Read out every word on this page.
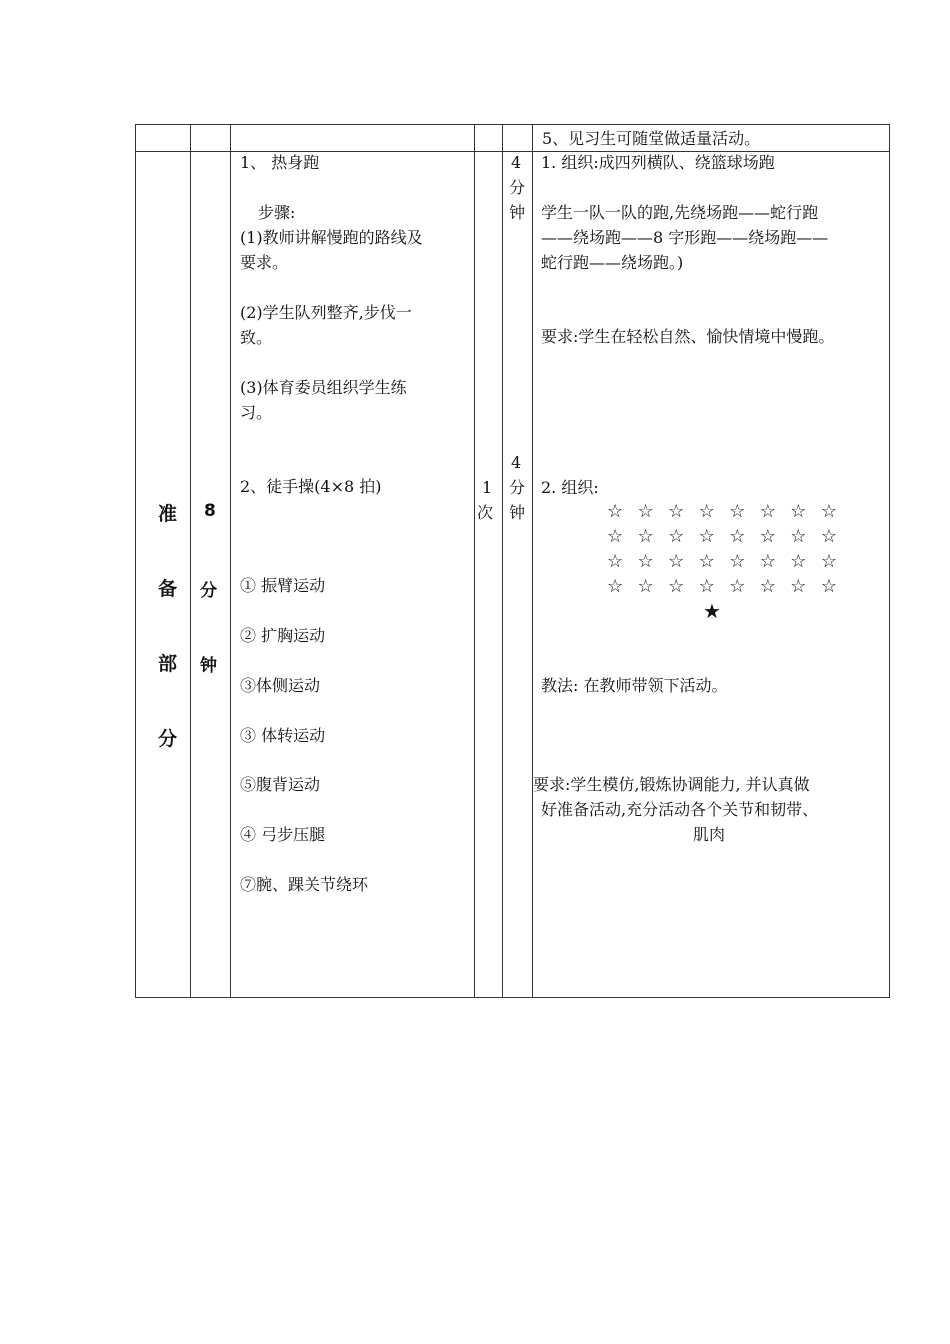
5、见习生可随堂做适量活动。
准
备
部
分
8
分
钟
1、 热身跑
步骤:
(1)教师讲解慢跑的路线及
要求。
(2)学生队列整齐,步伐一
致。
(3)体育委员组织学生练
习。
2、徒手操(4×8 拍)
① 振臂运动
② 扩胸运动
③体侧运动
③ 体转运动
⑤腹背运动
④ 弓步压腿
⑦腕、踝关节绕环
1
次
4
分
钟
4
分
钟
1. 组织:成四列横队、绕篮球场跑
学生一队一队的跑,先绕场跑——蛇行跑
——绕场跑——8 字形跑——绕场跑——
蛇行跑——绕场跑。)
要求:学生在轻松自然、愉快情境中慢跑。
2. 组织:
☆ ☆ ☆ ☆ ☆ ☆ ☆ ☆
☆ ☆ ☆ ☆ ☆ ☆ ☆ ☆
☆ ☆ ☆ ☆ ☆ ☆ ☆ ☆
☆ ☆ ☆ ☆ ☆ ☆ ☆ ☆
★
教法: 在教师带领下活动。
要求:学生模仿,锻炼协调能力, 并认真做
好准备活动,充分活动各个关节和韧带、
肌肉
